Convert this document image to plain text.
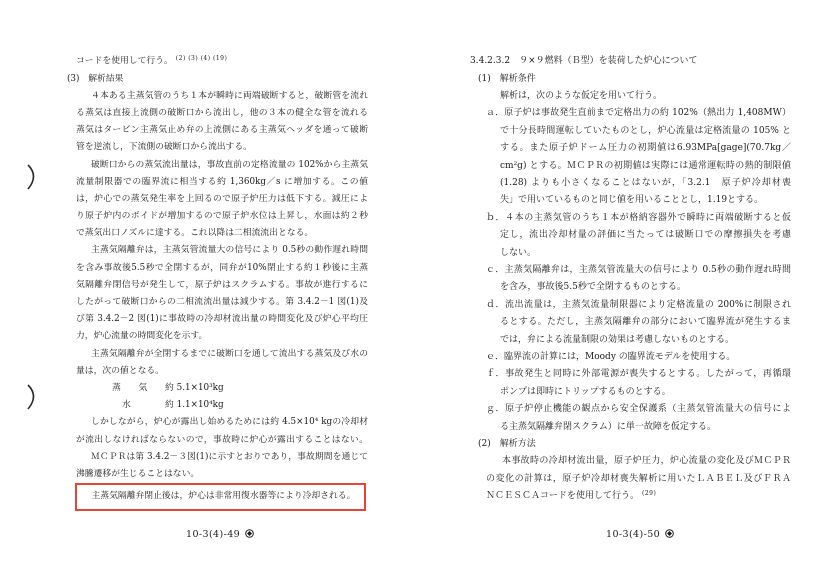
コードを使用して行う。 $^{(2) (3) (4) (19)}$
(3)　解析結果
４本ある主蒸気管のうち１本が瞬時に両端破断すると，破断管を流れ
る蒸気は直接上流側の破断口から流出し，他の３本の健全な管を流れる
蒸気はタービン主蒸気止め弁の上流側にある主蒸気ヘッダを通って破断
管を逆流し，下流側の破断口から流出する。
破断口からの蒸気流出量は，事故直前の定格流量の 102%から主蒸気
流量制限器での臨界流に相当する約 1,360kg／s に増加する。この値
は，炉心での蒸気発生率を上回るので原子炉圧力は低下する。減圧によ
り原子炉内のボイドが増加するので原子炉水位は上昇し，水面は約２秒
で蒸気出口ノズルに達する。これ以降は二相流流出となる。
主蒸気隔離弁は，主蒸気管流量大の信号により 0.5秒の動作遅れ時間
を含み事故後5.5秒で全閉するが，同弁が10%閉止する約１秒後に主蒸
気隔離弁閉信号が発生して，原子炉はスクラムする。事故が進行するに
したがって破断口からの二相流流出量は減少する。第 3.4.2－1 図(1)及
び第 3.4.2－2 図(1)に事故時の冷却材流出量の時間変化及び炉心平均圧
力，炉心流量の時間変化を示す。
主蒸気隔離弁が全閉するまでに破断口を通して流出する蒸気及び水の
量は，次の値となる。
蒸　　気 約 5.1×10³kg
水	約 1.1×10⁴kg
しかしながら，炉心が露出し始めるためには約 4.5×10⁴ kgの冷却材
が流出しなければならないので，事故時に炉心が露出することはない。
ＭＣＰＲは第 3.4.2－３図(1)に示すとおりであり，事故期間を通じて
沸騰遷移が生じることはない。
主蒸気隔離弁閉止後は，炉心は非常用復水器等により冷却される。
10-3(4)-49
3.4.2.3.2　９×９燃料（Ｂ型）を装荷した炉心について
(1)　解析条件
解析は，次のような仮定を用いて行う。
ａ．原子炉は事故発生直前まで定格出力の約 102%（熱出力 1,408MW）
で十分長時間運転していたものとし，炉心流量は定格流量の 105% と
する。また原子炉ドーム圧力の初期値は6.93MPa[gage](70.7kg／
cm²g) とする。ＭＣＰＲの初期値は実際には通常運転時の熱的制限値
(1.28) よりも小さくなることはないが，「3.2.1　原子炉冷却材喪
失」で用いているものと同じ値を用いることとし，1.19とする。
ｂ．４本の主蒸気管のうち１本が格納容器外で瞬時に両端破断すると仮
定し，流出冷却材量の評価に当たっては破断口での摩擦損失を考慮
しない。
ｃ．主蒸気隔離弁は，主蒸気管流量大の信号により 0.5秒の動作遅れ時間
を含み，事故後5.5秒で全閉するものとする。
ｄ．流出流量は，主蒸気流量制限器により定格流量の 200%に制限され
るとする。ただし，主蒸気隔離弁の部分において臨界流が発生するま
では，弁による流量制限の効果は考慮しないものとする。
ｅ．臨界流の計算には，Moody の臨界流モデルを使用する。
ｆ．事故発生と同時に外部電源が喪失するとする。したがって，再循環
ポンプは即時にトリップするものとする。
ｇ．原子炉停止機能の観点から安全保護系（主蒸気管流量大の信号によ
る主蒸気隔離弁閉スクラム）に単一故障を仮定する。
(2)　解析方法
本事故時の冷却材流出量，原子炉圧力，炉心流量の変化及びＭＣＰＲ
の変化の計算は，原子炉冷却材喪失解析に用いたＬＡＢＥＬ及びＦＲＡ
ＮＣＥＳＣＡコードを使用して行う。 $^{(29)}$
10-3(4)-50
